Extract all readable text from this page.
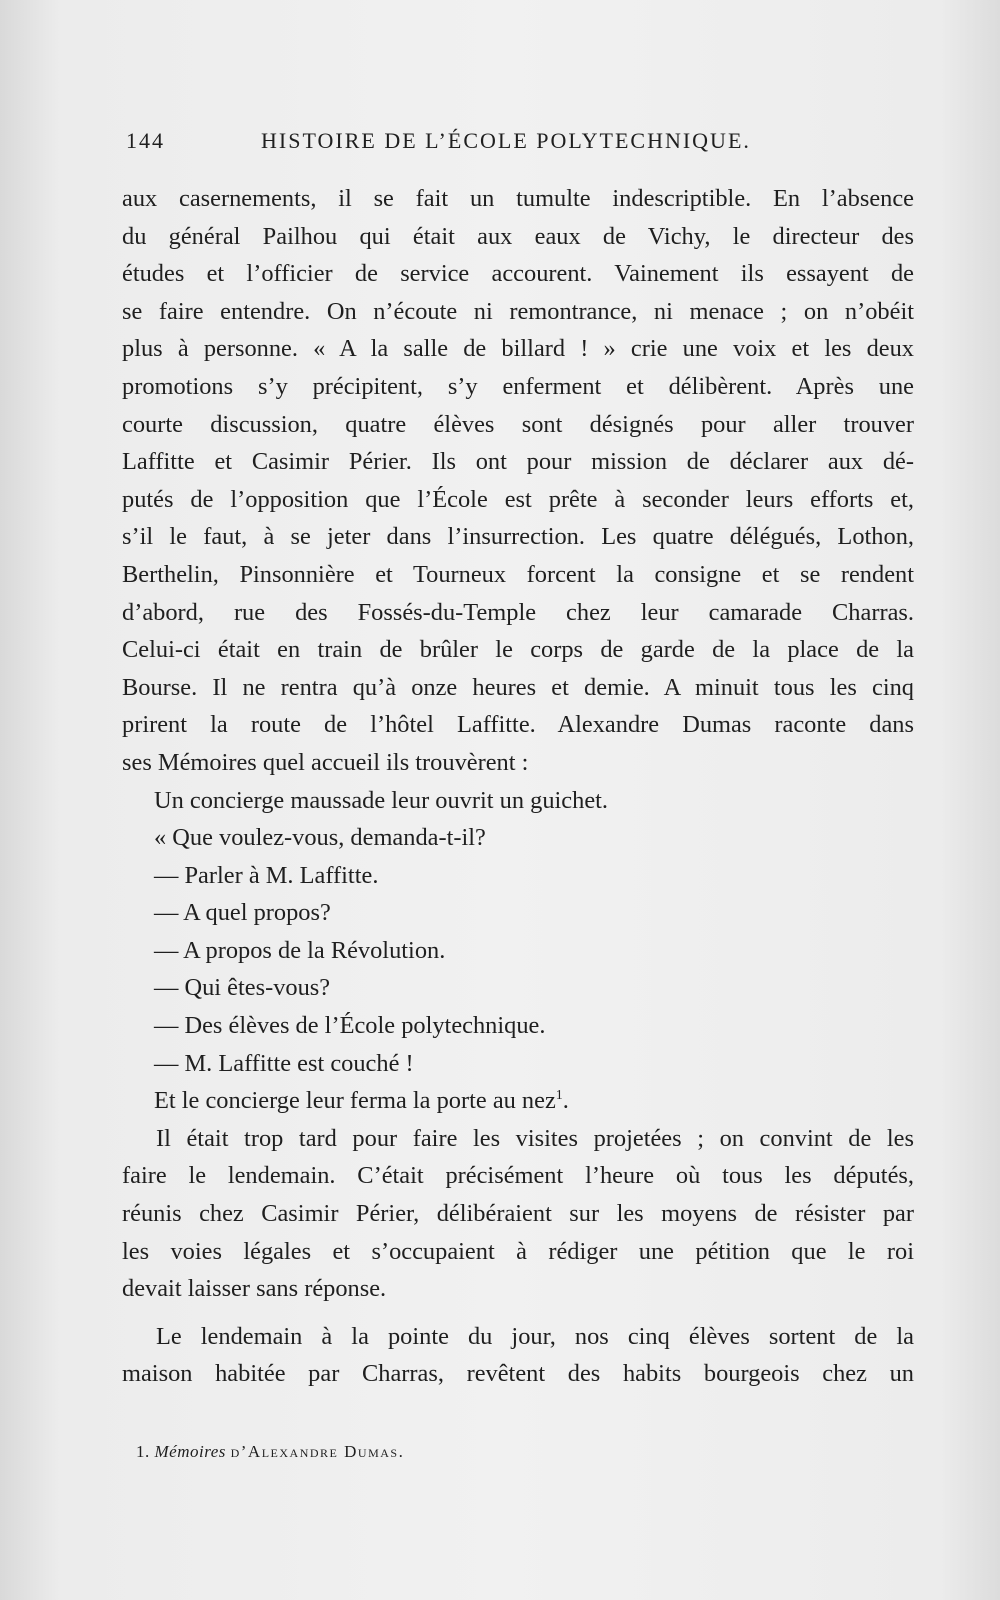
144	HISTOIRE DE L’ÉCOLE POLYTECHNIQUE.
aux casernements, il se fait un tumulte indescriptible. En l’absence
du général Pailhou qui était aux eaux de Vichy, le directeur des
études et l’officier de service accourent. Vainement ils essayent de
se faire entendre. On n’écoute ni remontrance, ni menace ; on n’obéit
plus à personne. « A la salle de billard ! » crie une voix et les deux
promotions s’y précipitent, s’y enferment et délibèrent. Après une
courte discussion, quatre élèves sont désignés pour aller trouver
Laffitte et Casimir Périer. Ils ont pour mission de déclarer aux dé-
putés de l’opposition que l’École est prête à seconder leurs efforts et,
s’il le faut, à se jeter dans l’insurrection. Les quatre délégués, Lothon,
Berthelin, Pinsonnière et Tourneux forcent la consigne et se rendent
d’abord, rue des Fossés-du-Temple chez leur camarade Charras.
Celui-ci était en train de brûler le corps de garde de la place de la
Bourse. Il ne rentra qu’à onze heures et demie. A minuit tous les cinq
prirent la route de l’hôtel Laffitte. Alexandre Dumas raconte dans
ses Mémoires quel accueil ils trouvèrent :
Un concierge maussade leur ouvrit un guichet.
« Que voulez-vous, demanda-t-il?
— Parler à M. Laffitte.
— A quel propos?
— A propos de la Révolution.
— Qui êtes-vous?
— Des élèves de l’École polytechnique.
— M. Laffitte est couché !
Et le concierge leur ferma la porte au nez$^1$.
Il était trop tard pour faire les visites projetées ; on convint de les
faire le lendemain. C’était précisément l’heure où tous les députés,
réunis chez Casimir Périer, délibéraient sur les moyens de résister par
les voies légales et s’occupaient à rédiger une pétition que le roi
devait laisser sans réponse.
Le lendemain à la pointe du jour, nos cinq élèves sortent de la
maison habitée par Charras, revêtent des habits bourgeois chez un
1. Mémoires d’Alexandre Dumas.
